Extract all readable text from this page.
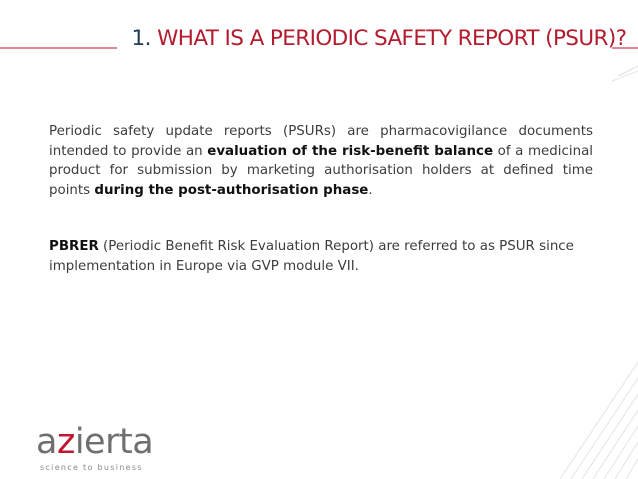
1. WHAT IS A PERIODIC SAFETY REPORT (PSUR)?
Periodic safety update reports (PSURs) are pharmacovigilance documents intended to provide an evaluation of the risk-benefit balance of a medicinal product for submission by marketing authorisation holders at defined time points during the post-authorisation phase.
PBRER (Periodic Benefit Risk Evaluation Report) are referred to as PSUR since implementation in Europe via GVP module VII.
azierta
science to business
